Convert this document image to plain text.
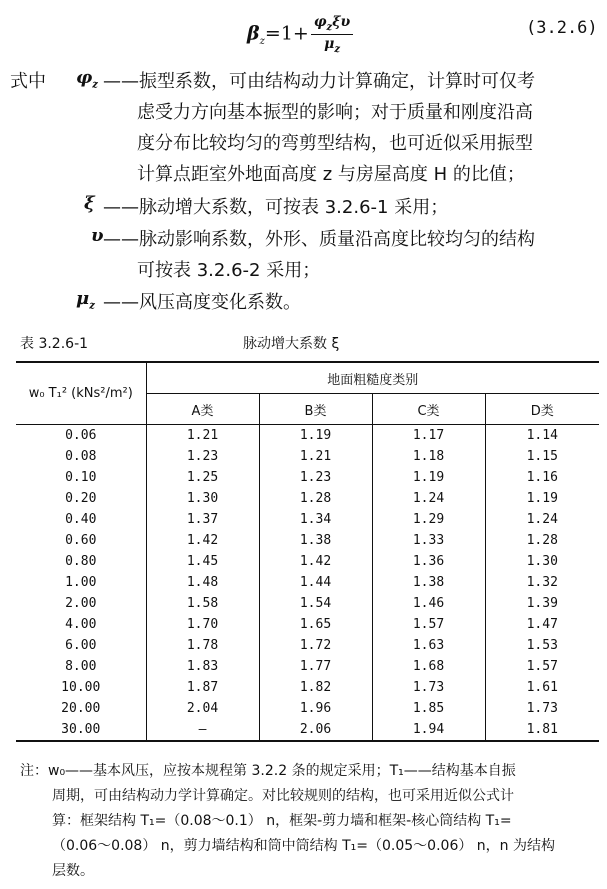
$\beta_z=1+ \frac{\varphi_z\xi\upsilon}{\mu_z}$	(3.2.6)
式中 $\varphi_z$ ——振型系数，可由结构动力计算确定，计算时可仅考
虑受力方向基本振型的影响；对于质量和刚度沿高
度分布比较均匀的弯剪型结构，也可近似采用振型
计算点距室外地面高度 z 与房屋高度 H 的比值；
ξ ——脉动增大系数，可按表 3.2.6-1 采用；
υ ——脉动影响系数，外形、质量沿高度比较均匀的结构
可按表 3.2.6-2 采用；
$\mu_z$ ——风压高度变化系数。
表 3.2.6-1	脉动增大系数 ξ
w₀ T₁² (kNs²/m²)	地面粗糙度类别			
	A类	B类	C类	D类
0.06	1.21	1.19	1.17	1.14
0.08	1.23	1.21	1.18	1.15
0.10	1.25	1.23	1.19	1.16
0.20	1.30	1.28	1.24	1.19
0.40	1.37	1.34	1.29	1.24
0.60	1.42	1.38	1.33	1.28
0.80	1.45	1.42	1.36	1.30
1.00	1.48	1.44	1.38	1.32
2.00	1.58	1.54	1.46	1.39
4.00	1.70	1.65	1.57	1.47
6.00	1.78	1.72	1.63	1.53
8.00	1.83	1.77	1.68	1.57
10.00	1.87	1.82	1.73	1.61
20.00	2.04	1.96	1.85	1.73
30.00	—	2.06	1.94	1.81
注：w₀——基本风压，应按本规程第 3.2.2 条的规定采用；T₁——结构基本自振
周期，可由结构动力学计算确定。对比较规则的结构，也可采用近似公式计
算：框架结构 T₁=（0.08～0.1） n，框架-剪力墙和框架-核心筒结构 T₁=
（0.06～0.08） n，剪力墙结构和筒中筒结构 T₁=（0.05～0.06） n，n 为结构
层数。
